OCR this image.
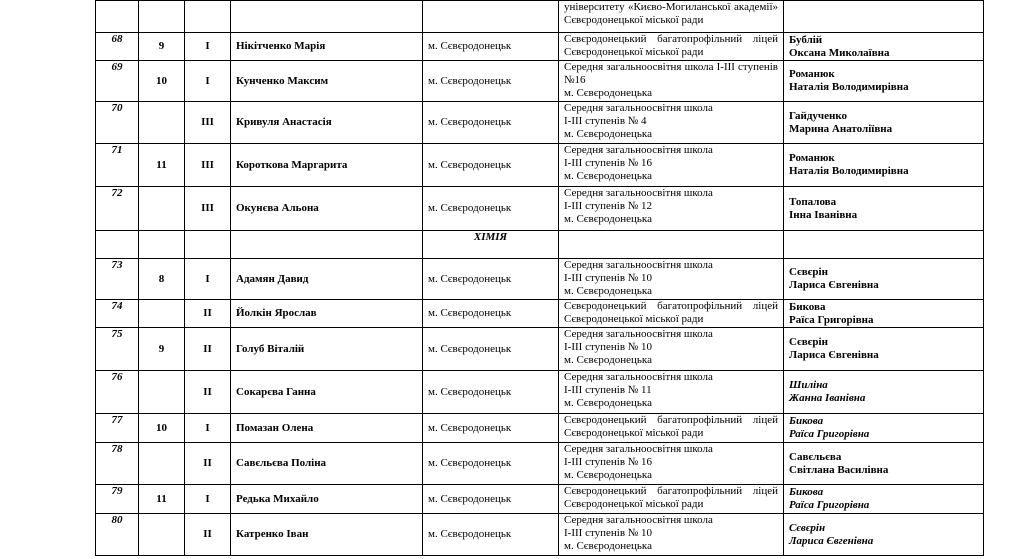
					університету «Києво-Могиланської академії» Сєвєродонецької міської ради	
68	9	I	Нікітченко Марія	м. Сєвєродонецьк	Сєвєродонецький багатопрофільний ліцей Сєвєродонецької міської ради	Бублій
Оксана Миколаївна
69	10	I	Кунченко Максим	м. Сєвєродонецьк	Середня загальноосвітня школа І-ІІІ ступенів №16
м. Сєвєродонецька	Романюк
Наталія Володимирівна
70		III	Кривуля Анастасія	м. Сєвєродонецьк	Середня загальноосвітня школа
І-ІІІ ступенів № 4
м. Сєвєродонецька	Гайдученко
Марина Анатоліївна
71	11	III	Короткова Маргарита	м. Сєвєродонецьк	Середня загальноосвітня школа
І-ІІІ ступенів № 16
м. Сєвєродонецька	Романюк
Наталія Володимирівна
72		III	Окунєва Альона	м. Сєвєродонецьк	Середня загальноосвітня школа
І-ІІІ ступенів № 12
м. Сєвєродонецька	Топалова
Інна Іванівна
				ХІМІЯ		
73	8	I	Адамян Давид	м. Сєвєродонецьк	Середня загальноосвітня школа
І-ІІІ ступенів № 10
м. Сєвєродонецька	Сєвєрін
Лариса Євгенівна
74		II	Йолкін Ярослав	м. Сєвєродонецьк	Сєвєродонецький багатопрофільний ліцей Сєвєродонецької міської ради	Бикова
Раїса Григорівна
75	9	II	Голуб Віталій	м. Сєвєродонецьк	Середня загальноосвітня школа
І-ІІІ ступенів № 10
м. Сєвєродонецька	Сєвєрін
Лариса Євгенівна
76		II	Сокарєва Ганна	м. Сєвєродонецьк	Середня загальноосвітня школа
І-ІІІ ступенів № 11
м. Сєвєродонецька	Шиліна
Жанна Іванівна
77	10	I	Помазан Олена	м. Сєвєродонецьк	Сєвєродонецький багатопрофільний ліцей Сєвєродонецької міської ради	Бикова
Раїса Григорівна
78		II	Савєльєва Поліна	м. Сєвєродонецьк	Середня загальноосвітня школа
І-ІІІ ступенів № 16
м. Сєвєродонецька	Савєльєва
Світлана Василівна
79	11	I	Редька Михайло	м. Сєвєродонецьк	Сєвєродонецький багатопрофільний ліцей Сєвєродонецької міської ради	Бикова
Раїса Григорівна
80		II	Катренко Іван	м. Сєвєродонецьк	Середня загальноосвітня школа
І-ІІІ ступенів № 10
м. Сєвєродонецька	Сєвєрін
Лариса Євгенівна
